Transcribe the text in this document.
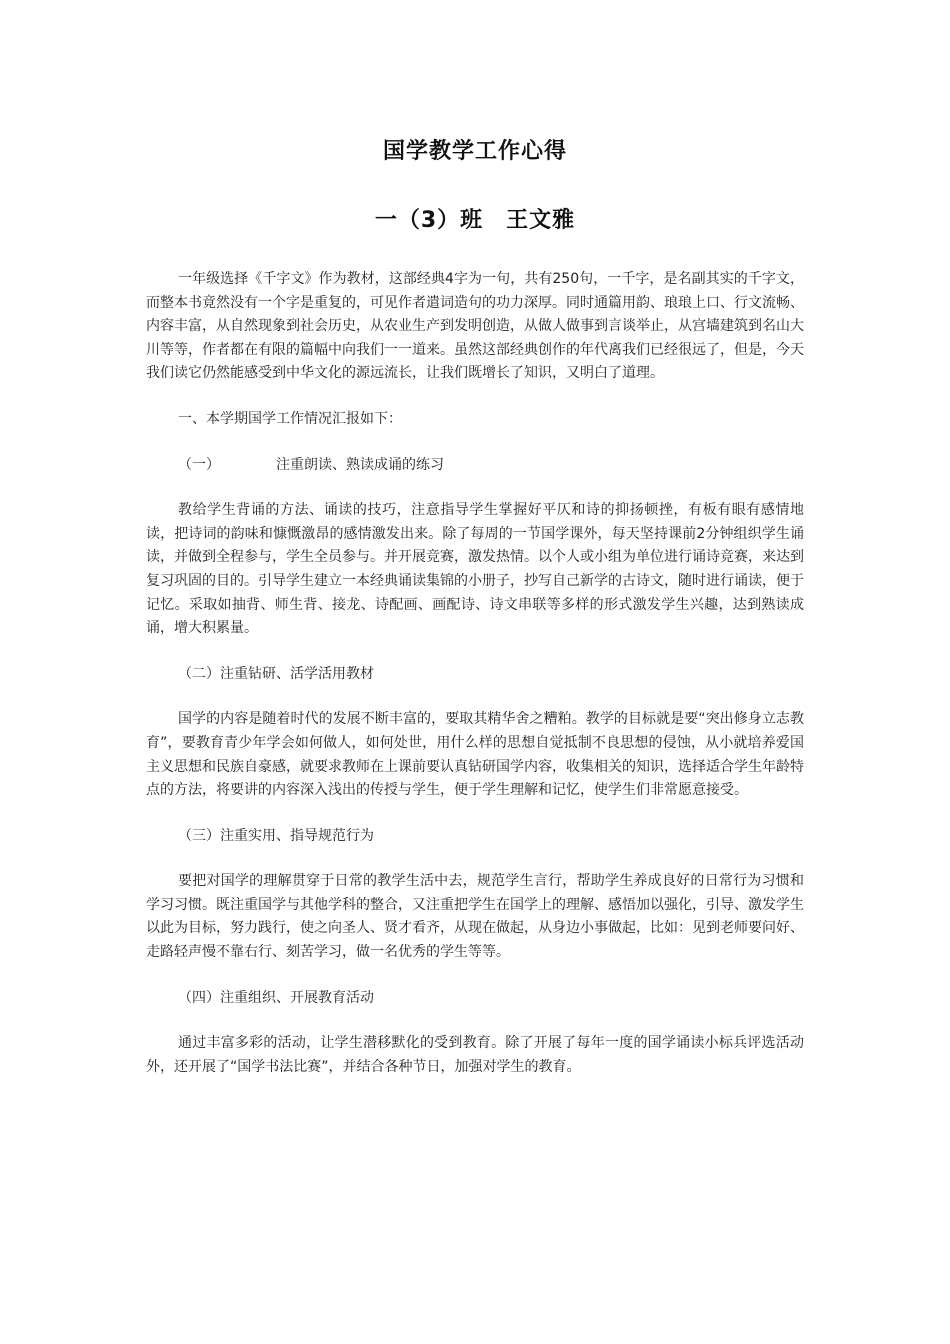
国学教学工作心得
一（3）班　王文雅

一年级选择《千字文》作为教材，这部经典4字为一句，共有250句，一千字，是名副其实的千字文，而整本书竟然没有一个字是重复的，可见作者遣词造句的功力深厚。同时通篇用韵、琅琅上口、行文流畅、内容丰富，从自然现象到社会历史，从农业生产到发明创造，从做人做事到言谈举止，从宫墙建筑到名山大川等等，作者都在有限的篇幅中向我们一一道来。虽然这部经典创作的年代离我们已经很远了，但是，今天我们读它仍然能感受到中华文化的源远流长，让我们既增长了知识，又明白了道理。

一、本学期国学工作情况汇报如下：

（一）	注重朗读、熟读成诵的练习

教给学生背诵的方法、诵读的技巧，注意指导学生掌握好平仄和诗的抑扬顿挫，有板有眼有感情地读，把诗词的韵味和慷慨激昂的感情激发出来。除了每周的一节国学课外，每天坚持课前2分钟组织学生诵读，并做到全程参与，学生全员参与。并开展竞赛，激发热情。以个人或小组为单位进行诵诗竞赛，来达到复习巩固的目的。引导学生建立一本经典诵读集锦的小册子，抄写自己新学的古诗文，随时进行诵读，便于记忆。采取如抽背、师生背、接龙、诗配画、画配诗、诗文串联等多样的形式激发学生兴趣，达到熟读成诵，增大积累量。

（二）注重钻研、活学活用教材

国学的内容是随着时代的发展不断丰富的，要取其精华舍之糟粕。教学的目标就是要“突出修身立志教育”，要教育青少年学会如何做人，如何处世，用什么样的思想自觉抵制不良思想的侵蚀，从小就培养爱国主义思想和民族自豪感，就要求教师在上课前要认真钻研国学内容，收集相关的知识，选择适合学生年龄特点的方法，将要讲的内容深入浅出的传授与学生，便于学生理解和记忆，使学生们非常愿意接受。

（三）注重实用、指导规范行为

要把对国学的理解贯穿于日常的教学生活中去，规范学生言行，帮助学生养成良好的日常行为习惯和学习习惯。既注重国学与其他学科的整合，又注重把学生在国学上的理解、感悟加以强化，引导、激发学生以此为目标，努力践行，使之向圣人、贤才看齐，从现在做起，从身边小事做起，比如：见到老师要问好、走路轻声慢不靠右行、刻苦学习，做一名优秀的学生等等。

（四）注重组织、开展教育活动

通过丰富多彩的活动，让学生潜移默化的受到教育。除了开展了每年一度的国学诵读小标兵评选活动外，还开展了“国学书法比赛”，并结合各种节日，加强对学生的教育。
